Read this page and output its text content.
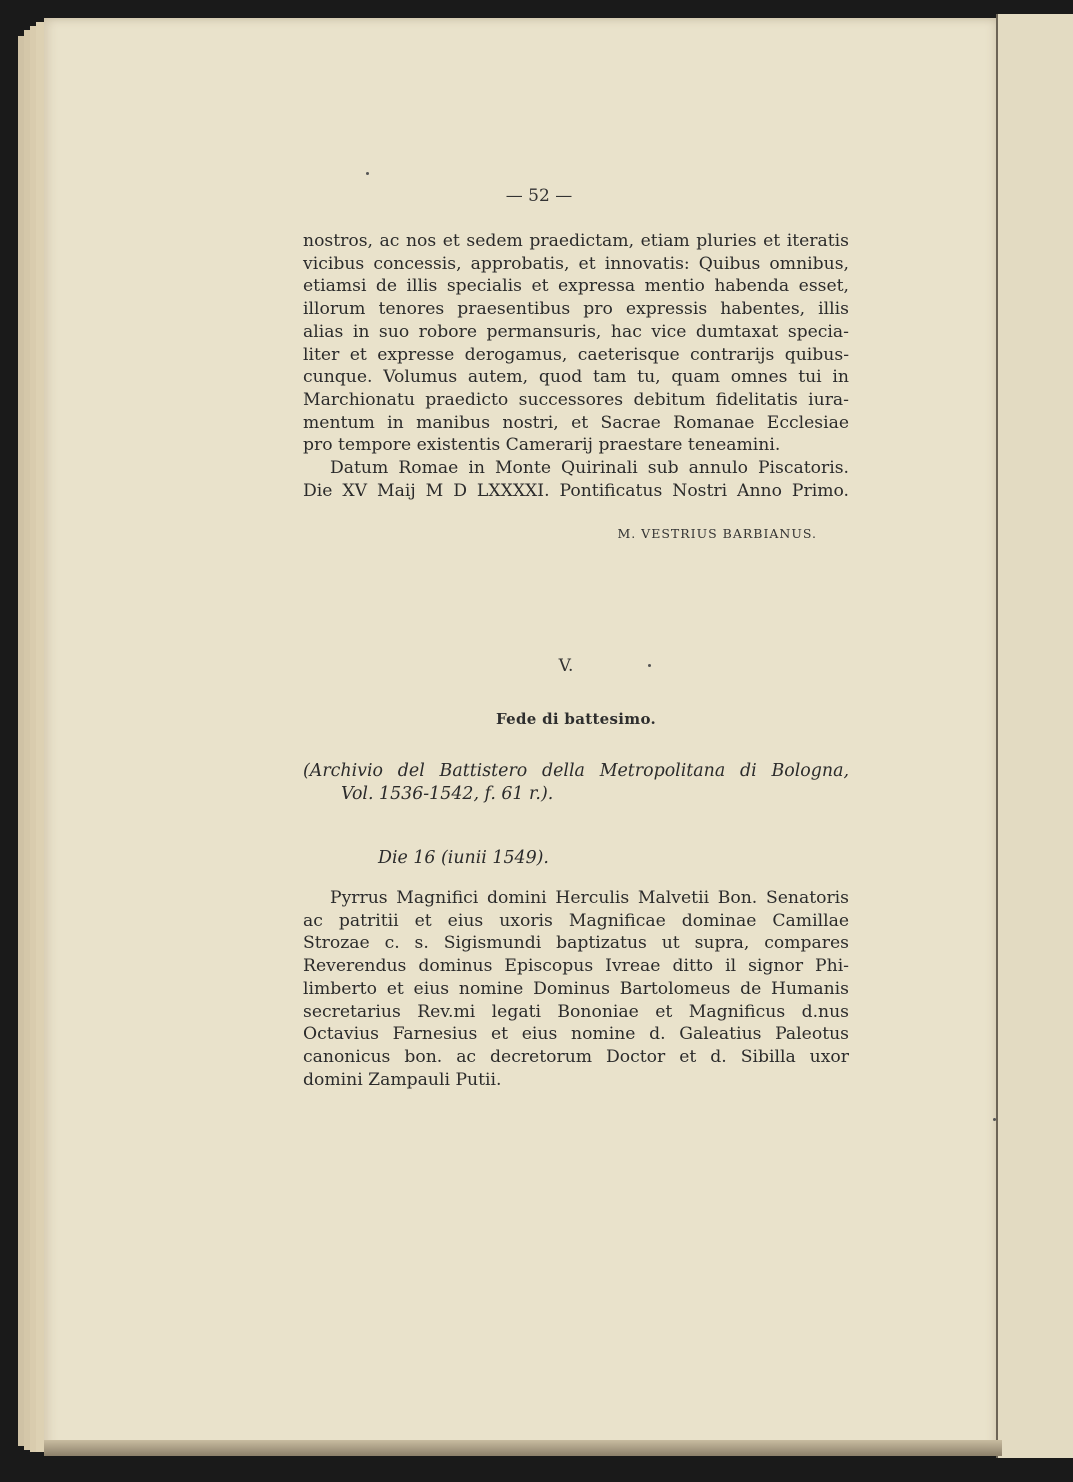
— 52 —
nostros, ac nos et sedem praedictam, etiam pluries et iteratis
vicibus concessis, approbatis, et innovatis: Quibus omnibus,
etiamsi de illis specialis et expressa mentio habenda esset,
illorum tenores praesentibus pro expressis habentes, illis
alias in suo robore permansuris, hac vice dumtaxat specia-
liter et expresse derogamus, caeterisque contrarijs quibus-
cunque. Volumus autem, quod tam tu, quam omnes tui in
Marchionatu praedicto successores debitum fidelitatis iura-
mentum in manibus nostri, et Sacrae Romanae Ecclesiae
pro tempore existentis Camerarij praestare teneamini.
Datum Romae in Monte Quirinali sub annulo Piscatoris.
Die XV Maij M D LXXXXI. Pontificatus Nostri Anno Primo.
M. VESTRIUS BARBIANUS.
V.
Fede di battesimo.
(Archivio del Battistero della Metropolitana di Bologna,
Vol. 1536-1542, f. 61 r.).
Die 16 (iunii 1549).
Pyrrus Magnifici domini Herculis Malvetii Bon. Senatoris
ac patritii et eius uxoris Magnificae dominae Camillae
Strozae c. s. Sigismundi baptizatus ut supra, compares
Reverendus dominus Episcopus Ivreae ditto il signor Phi-
limberto et eius nomine Dominus Bartolomeus de Humanis
secretarius Rev.mi legati Bononiae et Magnificus d.nus
Octavius Farnesius et eius nomine d. Galeatius Paleotus
canonicus bon. ac decretorum Doctor et d. Sibilla uxor
domini Zampauli Putii.
